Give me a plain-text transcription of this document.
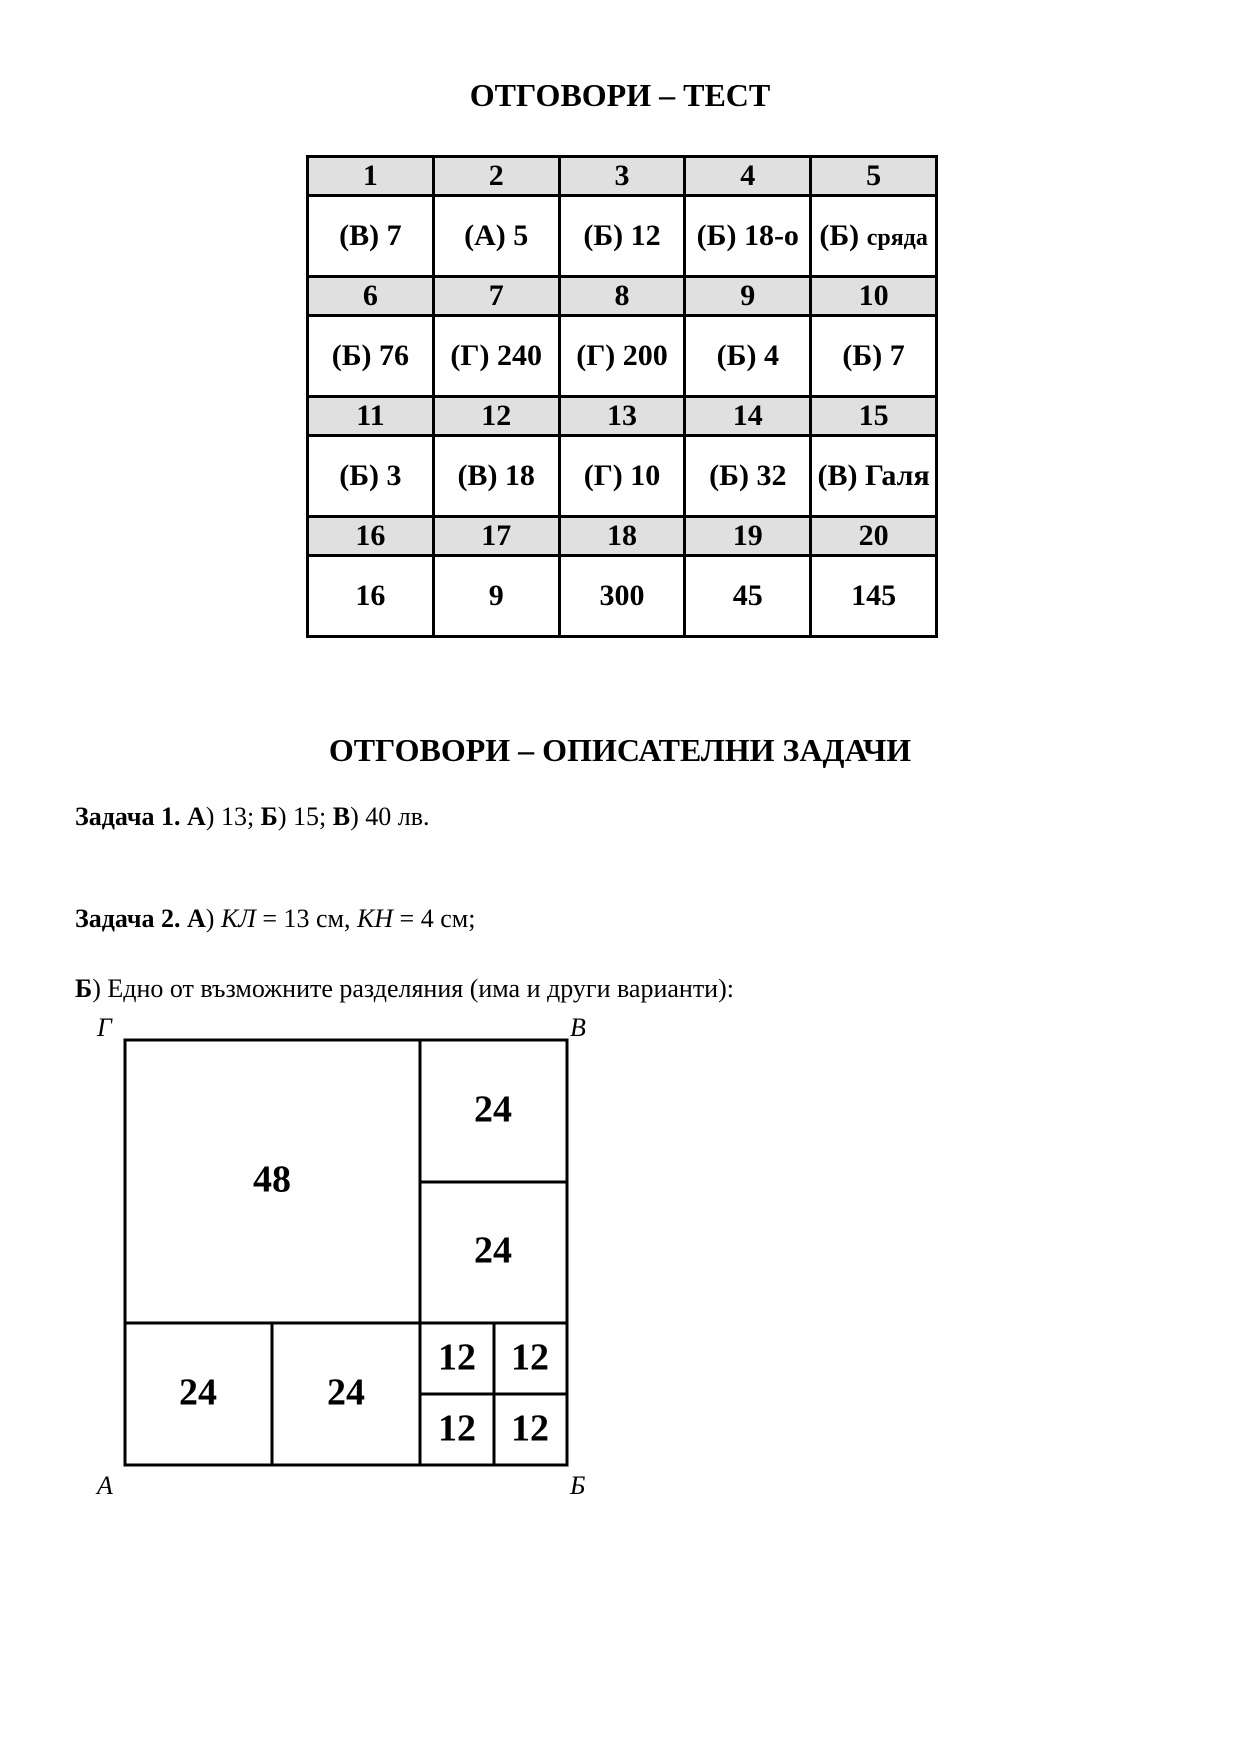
ОТГОВОРИ – ТЕСТ
1	2	3	4	5
(В) 7	(А) 5	(Б) 12	(Б) 18-о	(Б) сряда
6	7	8	9	10
(Б) 76	(Г) 240	(Г) 200	(Б) 4	(Б) 7
11	12	13	14	15
(Б) 3	(В) 18	(Г) 10	(Б) 32	(В) Галя
16	17	18	19	20
16	9	300	45	145
ОТГОВОРИ – ОПИСАТЕЛНИ ЗАДАЧИ

Задача 1. А) 13; Б) 15; В) 40 лв.

Задача 2. А) КЛ = 13 см, КН = 4 см;

Б) Едно от възможните разделяния (има и други варианти):

48
24
24
24	24
12 12
12 12
Г	В
А	Б
